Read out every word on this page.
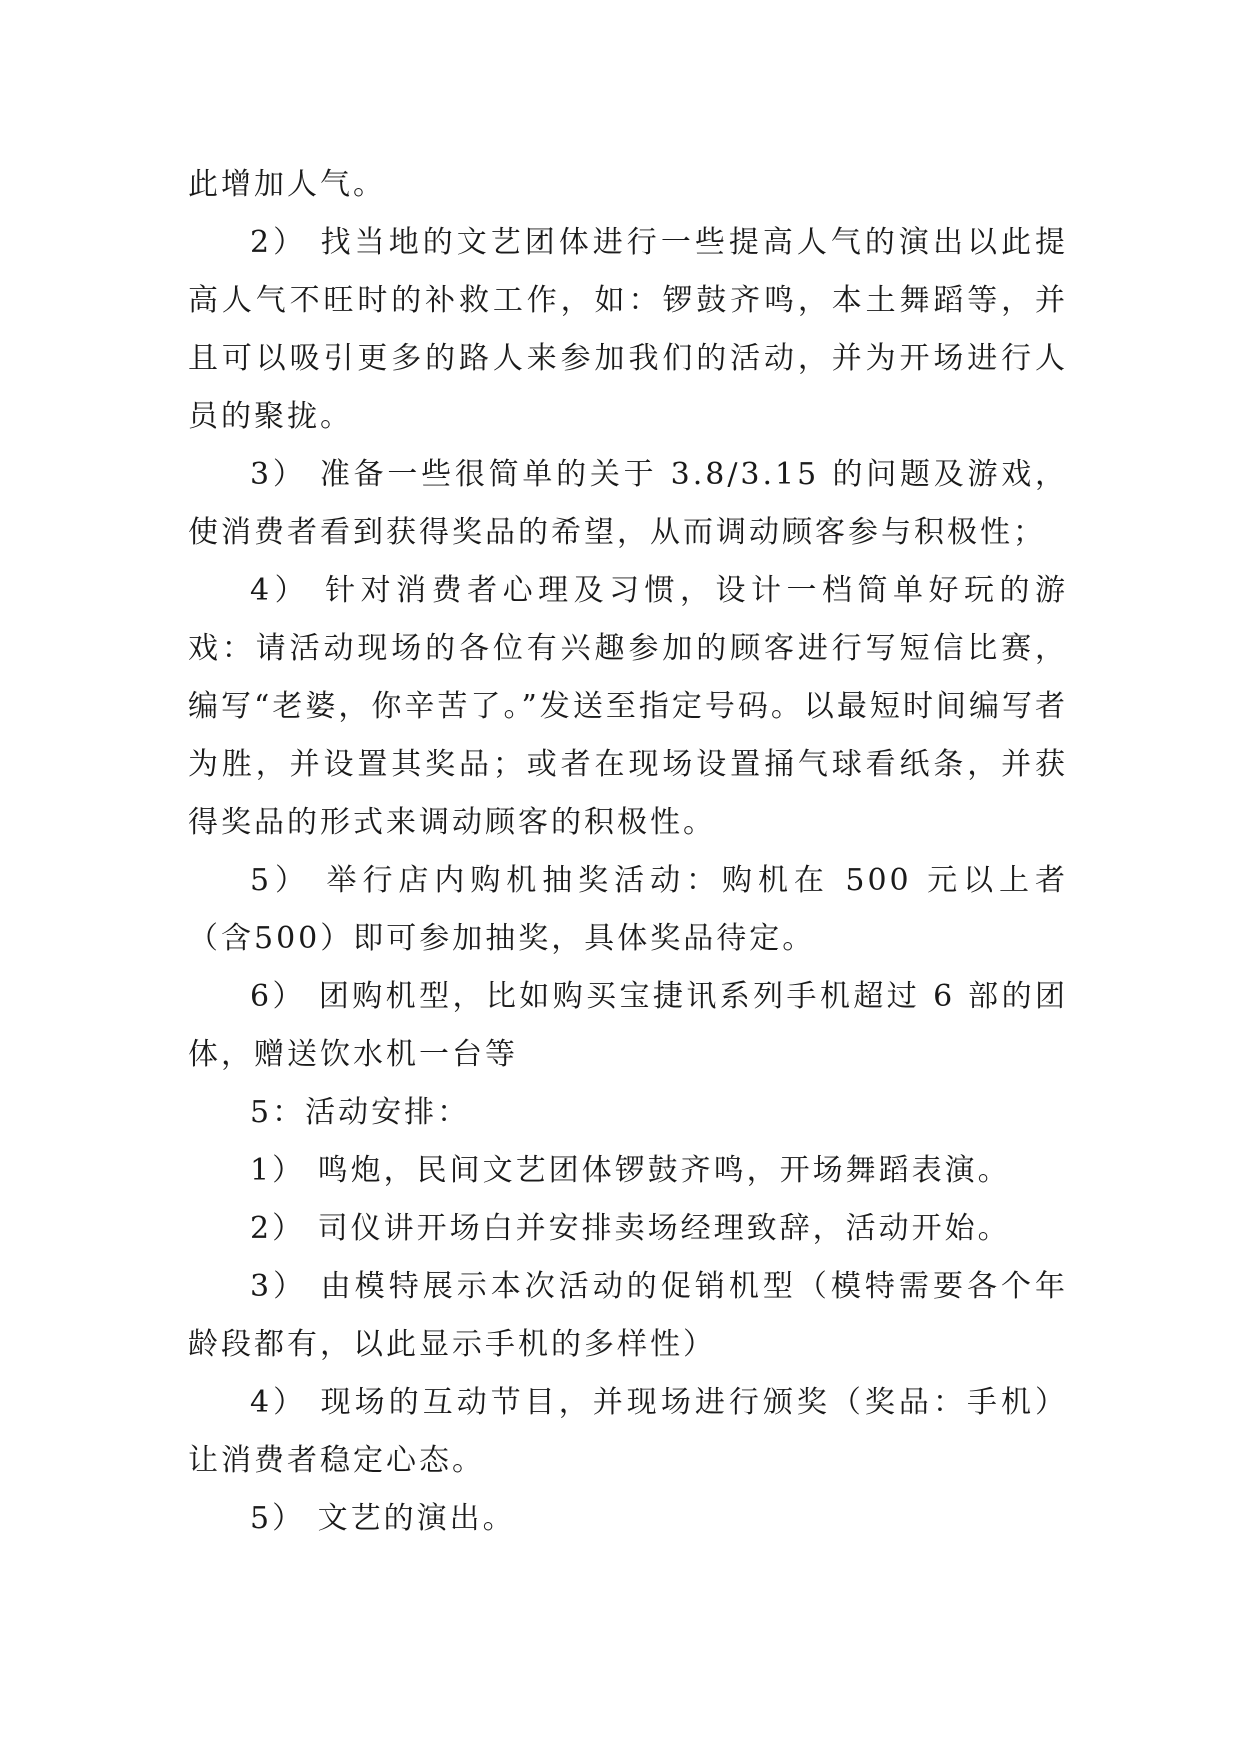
此增加人气。

2） 找当地的文艺团体进行一些提高人气的演出以此提高人气不旺时的补救工作，如：锣鼓齐鸣，本土舞蹈等，并且可以吸引更多的路人来参加我们的活动，并为开场进行人员的聚拢。

3） 准备一些很简单的关于 3.8/3.15 的问题及游戏，使消费者看到获得奖品的希望，从而调动顾客参与积极性；

4） 针对消费者心理及习惯，设计一档简单好玩的游戏：请活动现场的各位有兴趣参加的顾客进行写短信比赛，编写“老婆，你辛苦了。”发送至指定号码。以最短时间编写者为胜，并设置其奖品；或者在现场设置捅气球看纸条，并获得奖品的形式来调动顾客的积极性。

5） 举行店内购机抽奖活动：购机在 500 元以上者（含500）即可参加抽奖，具体奖品待定。

6） 团购机型，比如购买宝捷讯系列手机超过 6 部的团体，赠送饮水机一台等

5：活动安排：

1） 鸣炮，民间文艺团体锣鼓齐鸣，开场舞蹈表演。

2） 司仪讲开场白并安排卖场经理致辞，活动开始。

3） 由模特展示本次活动的促销机型（模特需要各个年龄段都有，以此显示手机的多样性）

4） 现场的互动节目，并现场进行颁奖（奖品：手机）让消费者稳定心态。

5） 文艺的演出。
